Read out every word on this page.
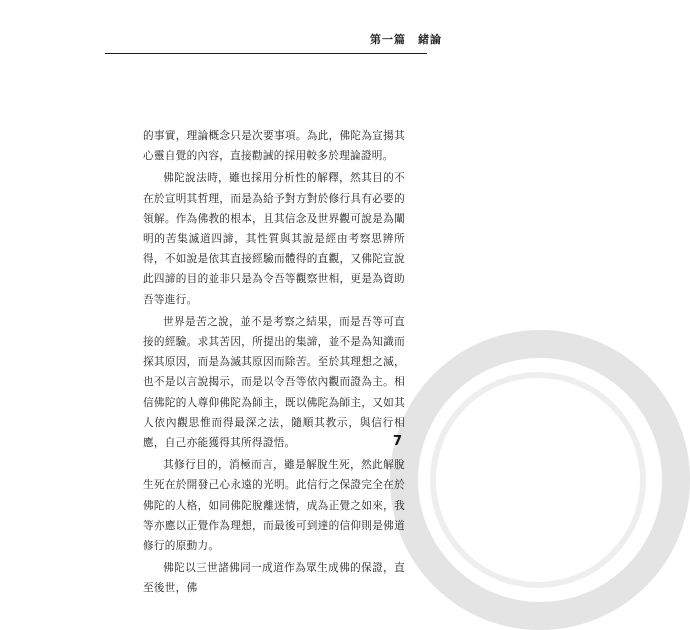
第一篇 緒論

的事實，理論概念只是次要事項。為此，佛陀為宣揚其心靈自覺的內容，直接勸誡的採用較多於理論證明。

佛陀說法時，雖也採用分析性的解釋，然其目的不在於宣明其哲理，而是為給予對方對於修行具有必要的領解。作為佛教的根本，且其信念及世界觀可說是為闡明的苦集滅道四諦，其性質與其說是經由考察思辨所得，不如說是依其直接經驗而體得的直觀，又佛陀宣說此四諦的目的並非只是為令吾等觀察世相，更是為資助吾等進行。

世界是苦之說，並不是考察之結果，而是吾等可直接的經驗。求其苦因，所提出的集諦，並不是為知識而探其原因，而是為滅其原因而除苦。至於其理想之滅，也不是以言說揭示，而是以令吾等依內觀而證為主。相信佛陀的人尊仰佛陀為師主，既以佛陀為師主，又如其人依內觀思惟而得最深之法，隨順其教示，與信行相應，自己亦能獲得其所得證悟。

其修行目的，消極而言，雖是解脫生死，然此解脫生死在於開發己心永遠的光明。此信行之保證完全在於佛陀的人格，如同佛陀脫離迷情，成為正覺之如來，我等亦應以正覺作為理想，而最後可到達的信仰則是佛道修行的原動力。

佛陀以三世諸佛同一成道作為眾生成佛的保證，直至後世，佛

7
